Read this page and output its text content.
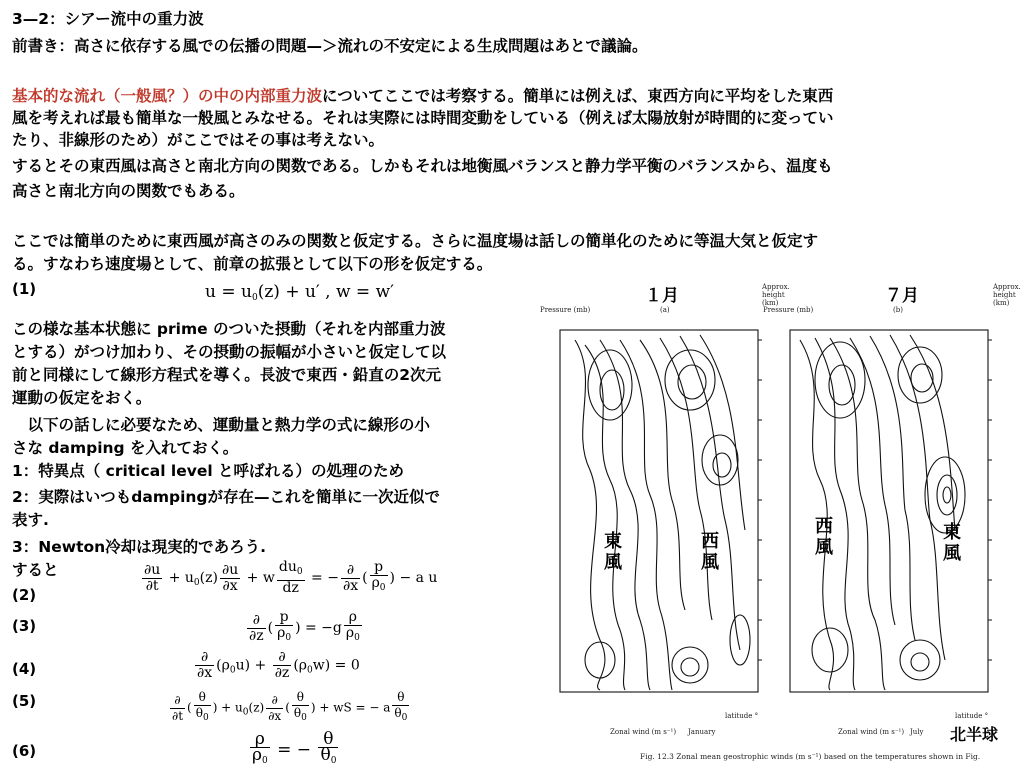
3—2：シアー流中の重力波
前書き：高さに依存する風での伝播の問題—＞流れの不安定による生成問題はあとで議論。
基本的な流れ（一般風？）の中の内部重力波についてここでは考察する。簡単には例えば、東西方向に平均をした東西
風を考えれば最も簡単な一般風とみなせる。それは実際には時間変動をしている（例えば太陽放射が時間的に変ってい
たり、非線形のため）がここではその事は考えない。
するとその東西風は高さと南北方向の関数である。しかもそれは地衡風バランスと静力学平衡のバランスから、温度も
高さと南北方向の関数でもある。
ここでは簡単のために東西風が高さのみの関数と仮定する。さらに温度場は話しの簡単化のために等温大気と仮定す
る。すなわち速度場として、前章の拡張として以下の形を仮定する。
(1)
(2)
(3)
(4)
(5)
(6)
$u = u_0(z) + u'$ , w = w′
この様な基本状態に prime のついた摂動（それを内部重力波
とする）がつけ加わり、その摂動の振幅が小さいと仮定して以
前と同様にして線形方程式を導く。長波で東西・鉛直の2次元
運動の仮定をおく。
　以下の話しに必要なため、運動量と熱力学の式に線形の小
さな damping を入れておく。
1：特異点（ critical level と呼ばれる）の処理のため
2：実際はいつもdampingが存在—これを簡単に一次近似で
表す.
3：Newton冷却は現実的であろう.
すると	$\frac{\partial u}{\partial t} + u_0(z) \frac{\partial u}{\partial x} + w \frac{du_0}{dz}$ = − $\frac{\partial}{\partial x}$ ( $\frac{p}{\rho_0}$ ) − a u
$\frac{\partial}{\partial z}$ ( $\frac{p}{\rho_0}$ ) = $-g \frac{\rho}{\rho_0}$
$\frac{\partial}{\partial x} (\rho_0u) + \frac{\partial}{\partial z} (\rho_0w) = 0$
$\frac{\partial}{\partial t}$ ( $\frac{\theta}{\theta_0}$ ) + $u_0(z) \frac{\partial}{\partial x}$ ( $\frac{\theta}{\theta_0}$ ) + wS = − a $\frac{\theta}{\theta_0}$
$\frac{\rho}{\rho_0}$ = − $\frac{\theta}{\theta_0}$
１月	７月
Pressure (mb)	Pressure (mb)
Approx. height (km)
Approx. height (km)
(a)	(b)
東風
西風
西風
東風
Zonal wind (m s⁻¹) January	Zonal wind (m s⁻¹) July
latitude °	latitude °
北半球
Fig. 12.3 Zonal mean geostrophic winds (m s⁻¹) based on the temperatures shown in Fig.
